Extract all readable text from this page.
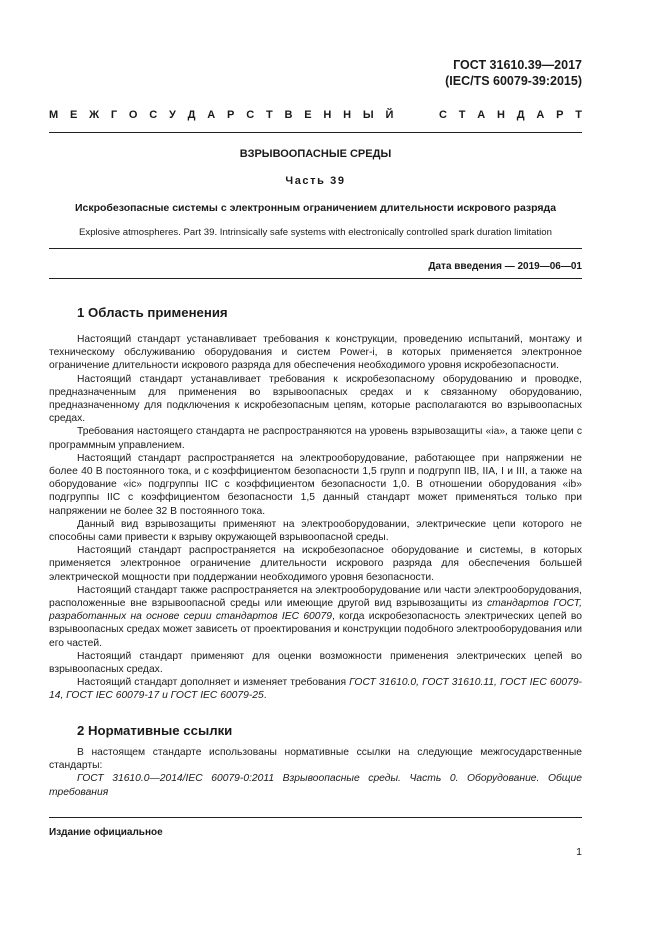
ГОСТ 31610.39—2017
(IEC/TS 60079-39:2015)
М Е Ж Г О С У Д А Р С Т В Е Н Н Ы Й	С Т А Н Д А Р Т
ВЗРЫВООПАСНЫЕ СРЕДЫ
Часть 39
Искробезопасные системы с электронным ограничением длительности искрового разряда
Explosive atmospheres. Part 39. Intrinsically safe systems with electronically controlled spark duration limitation
Дата введения — 2019—06—01
1 Область применения

Настоящий стандарт устанавливает требования к конструкции, проведению испытаний, монтажу и техническому обслуживанию оборудования и систем Power-i, в которых применяется электронное ограничение длительности искрового разряда для обеспечения необходимого уровня искробезопасности.

Настоящий стандарт устанавливает требования к искробезопасному оборудованию и проводке, предназначенным для применения во взрывоопасных средах и к связанному оборудованию, предназначенному для подключения к искробезопасным цепям, которые располагаются во взрывоопасных средах.

Требования настоящего стандарта не распространяются на уровень взрывозащиты «ia», а также цепи с программным управлением.

Настоящий стандарт распространяется на электрооборудование, работающее при напряжении не более 40 В постоянного тока, и с коэффициентом безопасности 1,5 групп и подгрупп IIB, IIA, I и III, а также на оборудование «ic» подгруппы IIC с коэффициентом безопасности 1,0. В отношении оборудования «ib» подгруппы IIC с коэффициентом безопасности 1,5 данный стандарт может применяться только при напряжении не более 32 В постоянного тока.

Данный вид взрывозащиты применяют на электрооборудовании, электрические цепи которого не способны сами привести к взрыву окружающей взрывоопасной среды.

Настоящий стандарт распространяется на искробезопасное оборудование и системы, в которых применяется электронное ограничение длительности искрового разряда для обеспечения большей электрической мощности при поддержании необходимого уровня безопасности.

Настоящий стандарт также распространяется на электрооборудование или части электрооборудования, расположенные вне взрывоопасной среды или имеющие другой вид взрывозащиты из стандартов ГОСТ, разработанных на основе серии стандартов IEC 60079, когда искробезопасность электрических цепей во взрывоопасных средах может зависеть от проектирования и конструкции подобного электрооборудования или его частей.

Настоящий стандарт применяют для оценки возможности применения электрических цепей во взрывоопасных средах.

Настоящий стандарт дополняет и изменяет требования ГОСТ 31610.0, ГОСТ 31610.11, ГОСТ IEC 60079-14, ГОСТ IEC 60079-17 и ГОСТ IEC 60079-25.

2 Нормативные ссылки

В настоящем стандарте использованы нормативные ссылки на следующие межгосударственные стандарты:

ГОСТ 31610.0—2014/IEC 60079-0:2011 Взрывоопасные среды. Часть 0. Оборудование. Общие требования

Издание официальное
1
